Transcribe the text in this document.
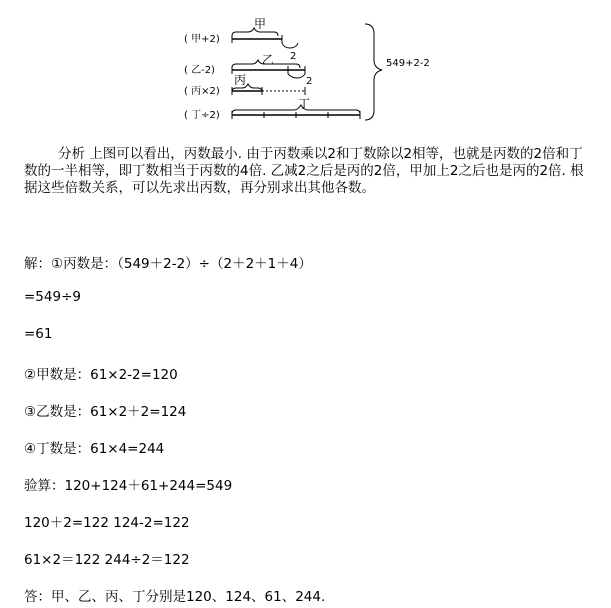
甲
( 甲+2)
2
乙
( 乙-2)
2
丙
( 丙×2)
丁
( 丁÷2)
549+2-2
分析 上图可以看出，丙数最小. 由于丙数乘以2和丁数除以2相等，也就是丙数的2倍和丁数的一半相等，即丁数相当于丙数的4倍. 乙减2之后是丙的2倍，甲加上2之后也是丙的2倍. 根据这些倍数关系，可以先求出丙数，再分别求出其他各数。
解：①丙数是：（549＋2-2）÷（2＋2＋1＋4）
=549÷9
=61
②甲数是：61×2-2=120
③乙数是：61×2＋2=124
④丁数是：61×4=244
验算：120+124＋61+244=549
120＋2=122 124-2=122
61×2＝122 244÷2＝122
答：甲、乙、丙、丁分别是120、124、61、244.
